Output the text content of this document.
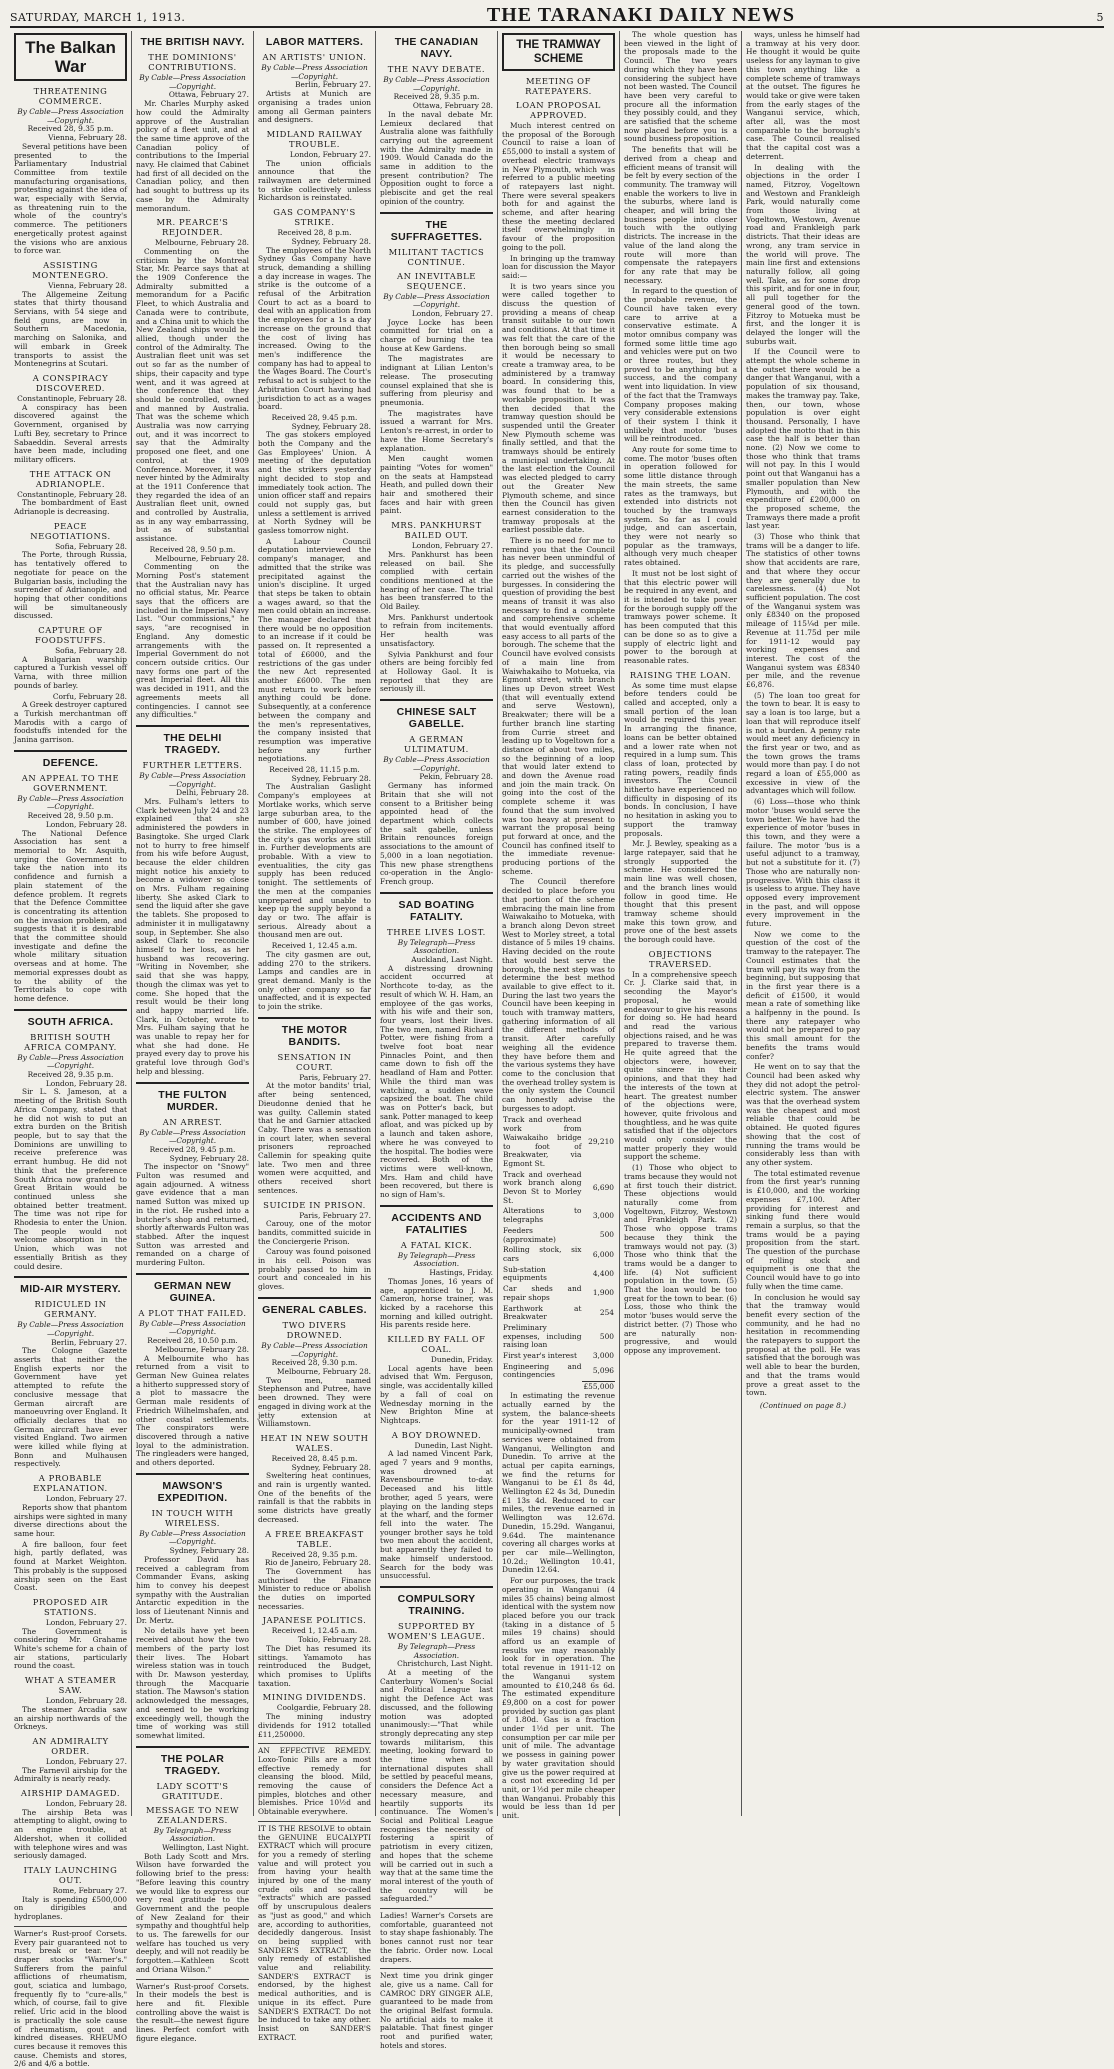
SATURDAY, MARCH 1, 1913.	THE TARANAKI DAILY NEWS	5
The Balkan War
THREATENING COMMERCE.
By Cable—Press Association—Copyright.
Received 28, 9.35 p.m.
Vienna, February 28.

Several petitions have been presented to the Parliamentary Industrial Committee from textile manufacturing organisations, protesting against the idea of war, especially with Servia, as threatening ruin to the whole of the country's commerce. The petitioners energetically protest against the visions who are anxious to force war.

ASSISTING MONTENEGRO.
Vienna, February 28.

The Allgemeine Zeitung states that thirty thousand Servians, with 54 siege and field guns, are now in Southern Macedonia, marching on Salonika, and will embark in Greek transports to assist the Montenegrins at Scutari.

A CONSPIRACY DISCOVERED.
Constantinople, February 28.

A conspiracy has been discovered against the Government, organised by Lufti Bey, secretary to Prince Sabaeddin. Several arrests have been made, including military officers.

THE ATTACK ON ADRIANOPLE.
Constantinople, February 28.

The bombardment of East Adrianople is decreasing.

PEACE NEGOTIATIONS.
Sofia, February 28.

The Porte, through Russia, has tentatively offered to negotiate for peace on the Bulgarian basis, including the surrender of Adrianople, and hoping that other conditions will be simultaneously discussed.

CAPTURE OF FOODSTUFFS.
Sofia, February 28.

A Bulgarian warship captured a Turkish vessel off Varna, with three million pounds of barley.

Corfu, February 28.

A Greek destroyer captured a Turkish merchantman off Marodis with a cargo of foodstuffs intended for the Janina garrison.

DEFENCE.
AN APPEAL TO THE GOVERNMENT.
By Cable—Press Association—Copyright.
Received 28, 9.50 p.m.
London, February 28.

The National Defence Association has sent a memorial to Mr. Asquith, urging the Government to take the nation into its confidence and furnish a plain statement of the defence problem. It regrets that the Defence Committee is concentrating its attention on the invasion problem, and suggests that it is desirable that the committee should investigate and define the whole military situation overseas and at home. The memorial expresses doubt as to the ability of the Territorials to cope with home defence.

SOUTH AFRICA.
BRITISH SOUTH AFRICA COMPANY.
By Cable—Press Association—Copyright.
Received 28, 9.35 p.m.
London, February 28.

Sir L. S. Jameson, at a meeting of the British South Africa Company, stated that he did not wish to put an extra burden on the British people, but to say that the Dominions are unwilling to receive preference was errant humbug. He did not think that the preference South Africa now granted to Great Britain would be continued unless she obtained better treatment. The time was not ripe for Rhodesia to enter the Union. The people would not welcome absorption in the Union, which was not essentially British as they could desire.

MID-AIR MYSTERY.
RIDICULED IN GERMANY.
By Cable—Press Association—Copyright.
Berlin, February 27.

The Cologne Gazette asserts that neither the English experts nor the Government have yet attempted to refute the conclusive message that German aircraft are manoeuvring over England. It officially declares that no German aircraft have ever visited England. Two airmen were killed while flying at Bonn and Mulhausen respectively.

A PROBABLE EXPLANATION.
London, February 27.

Reports show that phantom airships were sighted in many diverse directions about the same hour.

A fire balloon, four feet high, partly deflated, was found at Market Weighton. This probably is the supposed airship seen on the East Coast.

PROPOSED AIR STATIONS.
London, February 27.

The Government is considering Mr. Grahame White's scheme for a chain of air stations, particularly round the coast.

WHAT A STEAMER SAW.
London, February 28.

The steamer Arcadia saw an airship northwards of the Orkneys.

AN ADMIRALTY ORDER.
London, February 27.

The Farnevil airship for the Admiralty is nearly ready.

AIRSHIP DAMAGED.
London, February 28.

The airship Beta was attempting to alight, owing to an engine trouble, at Aldershot, when it collided with telephone wires and was seriously damaged.

ITALY LAUNCHING OUT.
Rome, February 27.

Italy is spending £500,000 on dirigibles and hydroplanes.

Warner's Rust-proof Corsets. Every pair guaranteed not to rust, break or tear. Your draper stocks "Warner's." Sufferers from the painful afflictions of rheumatism, gout, sciatica and lumbago, frequently fly to "cure-alls," which, of course, fail to give relief. Uric acid in the blood is practically the sole cause of rheumatism, gout and kindred diseases. RHEUMO cures because it removes this cause. Chemists and stores, 2/6 and 4/6 a bottle.
THE BRITISH NAVY.
THE DOMINIONS' CONTRIBUTIONS.
By Cable—Press Association—Copyright.
Ottawa, February 27.

Mr. Charles Murphy asked how could the Admiralty approve of the Australian policy of a fleet unit, and at the same time approve of the Canadian policy of contributions to the Imperial navy. He claimed that Cabinet had first of all decided on the Canadian policy, and then had sought to buttress up its case by the Admiralty memorandum.

MR. PEARCE'S REJOINDER.
Melbourne, February 28.

Commenting on the criticism by the Montreal Star, Mr. Pearce says that at the 1909 Conference the Admiralty submitted a memorandum for a Pacific Fleet, to which Australia and Canada were to contribute, and a China unit to which the New Zealand ships would be allied, though under the control of the Admiralty. The Australian fleet unit was set out so far as the number of ships, their capacity and type went, and it was agreed at the conference that they should be controlled, owned and manned by Australia. That was the scheme which Australia was now carrying out, and it was incorrect to say that the Admiralty proposed one fleet, and one control, at the 1909 Conference. Moreover, it was never hinted by the Admiralty at the 1911 Conference that they regarded the idea of an Australian fleet unit, owned and controlled by Australia, as in any way embarrassing, but as of substantial assistance.

Received 28, 9.50 p.m.
Melbourne, February 28.

Commenting on the Morning Post's statement that the Australian navy has no official status, Mr. Pearce says that the officers are included in the Imperial Navy List. "Our commissions," he says, "are recognised in England. Any domestic arrangements with the Imperial Government do not concern outside critics. Our navy forms one part of the great Imperial fleet. All this was decided in 1911, and the agreements meets all contingencies. I cannot see any difficulties."

THE DELHI TRAGEDY.
FURTHER LETTERS.
By Cable—Press Association—Copyright.
Delhi, February 28.

Mrs. Fulham's letters to Clark between July 24 and 23 explained that she administered the powders in Basingtoke. She urged Clark not to hurry to free himself from his wife before August, because the elder children might notice his anxiety to become a widower so close on Mrs. Fulham regaining liberty. She asked Clark to send the liquid after she gave the tablets. She proposed to administer it in mulligatawny soup, in September. She also asked Clark to reconcile himself to her loss, as her husband was recovering. "Writing in November, she said that she was happy, though the climax was yet to come. She hoped that the result would be their long and happy married life. Clark, in October, wrote to Mrs. Fulham saying that he was unable to repay her for what she had done. He prayed every day to prove his grateful love through God's help and blessing.

THE FULTON MURDER.
AN ARREST.
By Cable—Press Association—Copyright.
Received 28, 9.45 p.m.
Sydney, February 28.

The inspector on "Snowy" Fulton was resumed and again adjourned. A witness gave evidence that a man named Sutton was mixed up in the riot. He rushed into a butcher's shop and returned, shortly afterwards Fulton was stabbed. After the inquest Sutton was arrested and remanded on a charge of murdering Fulton.

GERMAN NEW GUINEA.
A PLOT THAT FAILED.
By Cable—Press Association—Copyright.
Received 28, 10.50 p.m.
Melbourne, February 28.

A Melbournite who has returned from a visit to German New Guinea relates a hitherto suppressed story of a plot to massacre the German male residents of Friedrich Wilhelmshafen, and other coastal settlements. The conspirators were discovered through a native loyal to the administration. The ringleaders were hanged, and others deported.

MAWSON'S EXPEDITION.
IN TOUCH WITH WIRELESS.
By Cable—Press Association—Copyright.
Sydney, February 28.

Professor David has received a cablegram from Commander Evans, asking him to convey his deepest sympathy with the Australian Antarctic expedition in the loss of Lieutenant Ninnis and Dr. Mertz.

No details have yet been received about how the two members of the party lost their lives. The Hobart wireless station was in touch with Dr. Mawson yesterday, through the Macquarie station. The Mawson's station acknowledged the messages, and seemed to be working exceedingly well, though the time of working was still somewhat limited.

THE POLAR TRAGEDY.
LADY SCOTT'S GRATITUDE.
MESSAGE TO NEW ZEALANDERS.
By Telegraph—Press Association.
Wellington, Last Night.

Both Lady Scott and Mrs. Wilson have forwarded the following brief to the press: "Before leaving this country we would like to express our very real gratitude to the Government and the people of New Zealand for their sympathy and thoughtful help to us. The farewells for our welfare has touched us very deeply, and will not readily be forgotten.—Kathleen Scott and Oriana Wilson."

Warner's Rust-proof Corsets. In their models the best is here and fit. Flexible controlling above the waist is the result—the newest figure lines. Perfect comfort with figure elegance.
LABOR MATTERS.
AN ARTISTS' UNION.
By Cable—Press Association—Copyright.
Berlin, February 27.

Artists at Munich are organising a trades union among all German painters and designers.

MIDLAND RAILWAY TROUBLE.
London, February 27.

The union officials announce that the railwaymen are determined to strike collectively unless Richardson is reinstated.

GAS COMPANY'S STRIKE.
Received 28, 8 p.m.
Sydney, February 28.

The employees of the North Sydney Gas Company have struck, demanding a shilling a day increase in wages. The strike is the outcome of a refusal of the Arbitration Court to act as a board to deal with an application from the employees for a 1s a day increase on the ground that the cost of living has increased. Owing to the men's indifference the company has had to appeal to the Wages Board. The Court's refusal to act is subject to the Arbitration Court having had jurisdiction to act as a wages board.

Received 28, 9.45 p.m.
Sydney, February 28.

The gas stokers employed both the Company and the Gas Employees' Union. A meeting of the deputation and the strikers yesterday night decided to stop and immediately took action. The union officer staff and repairs could not supply gas, but unless a settlement is arrived at North Sydney will be gasless tomorrow night.

A Labour Council deputation interviewed the company's manager, and admitted that the strike was precipitated against the union's discipline. It urged that steps be taken to obtain a wages award, so that the men could obtain an increase. The manager declared that there would be no opposition to an increase if it could be passed on. It represented a total of £6000, and the restrictions of the gas under the new Act represented another £6000. The men must return to work before anything could be done. Subsequently, at a conference between the company and the men's representatives, the company insisted that resumption was imperative before any further negotiations.

Received 28, 11.15 p.m.
Sydney, February 28.

The Australian Gaslight Company's employees at Mortlake works, which serve large suburban area, to the number of 600, have joined the strike. The employees of the city's gas works are still in. Further developments are probable. With a view to eventualities, the city gas supply has been reduced tonight. The settlements of the men at the companies unprepared and unable to keep up the supply beyond a day or two. The affair is serious. Already about a thousand men are out.

Received 1, 12.45 a.m.

The city gasmen are out, adding 270 to the strikers. Lamps and candles are in great demand. Manly is the only other company so far unaffected, and it is expected to join the strike.

THE MOTOR BANDITS.
SENSATION IN COURT.
Paris, February 27.

At the motor bandits' trial, after being sentenced, Dieudonne denied that he was guilty. Callemin stated that he and Garnier attacked Caby. There was a sensation in court later, when several prisoners reproached Callemin for speaking quite late. Two men and three women were acquitted, and others received short sentences.

SUICIDE IN PRISON.
Paris, February 27.

Carouy, one of the motor bandits, committed suicide in the Conciergerie Prison.

Carouy was found poisoned in his cell. Poison was probably passed to him in court and concealed in his gloves.

GENERAL CABLES.
TWO DIVERS DROWNED.
By Cable—Press Association—Copyright.
Received 28, 9.30 p.m.
Melbourne, February 28.

Two men, named Stephenson and Putree, have been drowned. They were engaged in diving work at the jetty extension at Williamstown.

HEAT IN NEW SOUTH WALES.
Received 28, 8.45 p.m.
Sydney, February 28.

Sweltering heat continues, and rain is urgently wanted. One of the benefits of the rainfall is that the rabbits in some districts have greatly decreased.

A FREE BREAKFAST TABLE.
Received 28, 9.35 p.m.
Rio de Janeiro, February 28.

The Government has authorised the Finance Minister to reduce or abolish the duties on imported necessaries.

JAPANESE POLITICS.
Received 1, 12.45 a.m.
Tokio, February 28.

The Diet has resumed its sittings. Yamamoto has reintroduced the Budget, which promises to Uplifts taxation.

MINING DIVIDENDS.
Coolgardie, February 28.

The mining industry dividends for 1912 totalled £11,250000.

AN EFFECTIVE REMEDY. Loxo-Tonic Pills are a most effective remedy for cleansing the blood. Mild, removing the cause of pimples, blotches and other blemishes. Price 10½d and Obtainable everywhere.
IT IS THE RESOLVE to obtain the GENUINE EUCALYPTI EXTRACT which will procure for you a remedy of sterling value and will protect you from having your health injured by one of the many crude oils and so-called "extracts" which are passed off by unscrupulous dealers as "just as good," and which are, according to authorities, decidedly dangerous. Insist on being supplied with SANDER'S EXTRACT, the only remedy of established value and reliability. SANDER'S EXTRACT is endorsed, by the highest medical authorities, and is unique in its effect. Pure SANDER'S EXTRACT. Do not be induced to take any other. Insist on SANDER'S EXTRACT.
THE CANADIAN NAVY.
THE NAVY DEBATE.
By Cable—Press Association—Copyright.
Received 28, 9.35 p.m.
Ottawa, February 28.

In the naval debate Mr. Lemieux declared that Australia alone was faithfully carrying out the agreement with the Admiralty made in 1909. Would Canada do the same in addition to the present contribution? The Opposition ought to force a plebiscite and get the real opinion of the country.

THE SUFFRAGETTES.
MILITANT TACTICS CONTINUE.
AN INEVITABLE SEQUENCE.
By Cable—Press Association—Copyright.
London, February 27.

Joyce Locke has been committed for trial on a charge of burning the tea house at Kew Gardens.

The magistrates are indignant at Lilian Lenton's release. The prosecuting counsel explained that she is suffering from pleurisy and pneumonia.

The magistrates have issued a warrant for Mrs. Lenton's re-arrest, in order to have the Home Secretary's explanation.

Men caught women painting "Votes for women" on the seats at Hampstead Heath, and pulled down their hair and smothered their faces and hair with green paint.

MRS. PANKHURST BAILED OUT.
London, February 27.

Mrs. Pankhurst has been released on bail. She complied with certain conditions mentioned at the hearing of her case. The trial has been transferred to the Old Bailey.

Mrs. Pankhurst undertook to refrain from incitements. Her health was unsatisfactory.

Sylvia Pankhurst and four others are being forcibly fed at Holloway Gaol. It is reported that they are seriously ill.

CHINESE SALT GABELLE.
A GERMAN ULTIMATUM.
By Cable—Press Association—Copyright.
Pekin, February 28.

Germany has informed Britain that she will not consent to a Britisher being appointed head of the department which collects the salt gabelle, unless Britain renounces foreign associations to the amount of 5,000 in a loan negotiation. This new phase strengthens co-operation in the Anglo-French group.

SAD BOATING FATALITY.
THREE LIVES LOST.
By Telegraph—Press Association.
Auckland, Last Night.

A distressing drowning accident occurred at Northcote to-day, as the result of which W. H. Ham, an employee of the gas works, with his wife and their son, four years, lost their lives. The two men, named Richard Potter, were fishing from a twelve foot boat near Pinnacles Point, and then came down to fish off the headland of Ham and Potter. While the third man was watching, a sudden wave capsized the boat. The child was on Potter's back, but sank. Potter managed to keep afloat, and was picked up by a launch and taken ashore, where he was conveyed to the hospital. The bodies were recovered. Both of the victims were well-known, Mrs. Ham and child have been recovered, but there is no sign of Ham's.

ACCIDENTS AND FATALITIES
A FATAL KICK.
By Telegraph—Press Association.
Hastings, Friday.

Thomas Jones, 16 years of age, apprenticed to J. M. Cameron, horse trainer, was kicked by a racehorse this morning and killed outright. His parents reside here.

KILLED BY FALL OF COAL.
Dunedin, Friday.

Local agents have been advised that Wm. Ferguson, single, was accidentally killed by a fall of coal on Wednesday morning in the New Brighton Mine at Nightcaps.

A BOY DROWNED.
Dunedin, Last Night.

A lad named Vincent Park, aged 7 years and 9 months, was drowned at Ravensbourne to-day. Deceased and his little brother, aged 5 years, were playing on the landing steps at the wharf, and the former fell into the water. The younger brother says he told two men about the accident, but apparently they failed to make himself understood. Search for the body was unsuccessful.

COMPULSORY TRAINING.
SUPPORTED BY WOMEN'S LEAGUE.
By Telegraph—Press Association.
Christchurch, Last Night.

At a meeting of the Canterbury Women's Social and Political League last night the Defence Act was discussed, and the following motion was adopted unanimously:—"That while strongly deprecating any step towards militarism, this meeting, looking forward to the time when all international disputes shall be settled by peaceful means, considers the Defence Act a necessary measure, and heartily supports its continuance. The Women's Social and Political League recognises the necessity of fostering a spirit of patriotism in every citizen, and hopes that the scheme will be carried out in such a way that at the same time the moral interest of the youth of the country will be safeguarded."

Ladies! Warner's Corsets are comfortable, guaranteed not to stay shape fashionably. The bones cannot rust nor tear the fabric. Order now. Local drapers.
Next time you drink ginger ale, give us a name. Call for CAMROC DRY GINGER ALE, guaranteed to be made from the original Belfast formula. No artificial aids to make it palatable. That finest ginger root and purified water, hotels and stores.
THE TRAMWAY SCHEME
MEETING OF RATEPAYERS.
LOAN PROPOSAL APPROVED.

Much interest centred on the proposal of the Borough Council to raise a loan of £55,000 to install a system of overhead electric tramways in New Plymouth, which was referred to a public meeting of ratepayers last night. There were several speakers both for and against the scheme, and after hearing these the meeting declared itself overwhelmingly in favour of the proposition going to the poll.

In bringing up the tramway loan for discussion the Mayor said:—

It is two years since you were called together to discuss the question of providing a means of cheap transit suitable to our town and conditions. At that time it was felt that the care of the then borough being so small it would be necessary to create a tramway area, to be administered by a tramway board. In considering this, was found that to be a workable proposition. It was then decided that the tramway question should be suspended until the Greater New Plymouth scheme was finally settled, and that the tramways should be entirely a municipal undertaking. At the last election the Council was elected pledged to carry out the Greater New Plymouth scheme, and since then the Council has given earnest consideration to the tramway proposals at the earliest possible date.

There is no need for me to remind you that the Council has never been unmindful of its pledge, and successfully carried out the wishes of the burgesses. In considering the question of providing the best means of transit it was also necessary to find a complete and comprehensive scheme that would eventually afford easy access to all parts of the borough. The scheme that the Council have evolved consists of a main line from Waiwhakaiho to Motueka, via Egmont street, with branch lines up Devon street West (that will eventually extend and serve Westown), Breakwater; there will be a further branch line starting from Currie street and leading up to Vogeltown for a distance of about two miles, so the beginning of a loop that would later extend to and down the Avenue road and join the main track. On going into the cost of the complete scheme it was found that the sum involved was too heavy at present to warrant the proposal being put forward at once, and the Council has confined itself to the immediate revenue-producing portions of the scheme.

The Council therefore decided to place before you that portion of the scheme embracing the main line from Waiwakaiho to Motueka, with a branch along Devon street West to Morley street, a total distance of 5 miles 19 chains. Having decided on the route that would best serve the borough, the next step was to determine the best method available to give effect to it. During the last two years the Council have been keeping in touch with tramway matters, gathering information of all the different methods of transit. After carefully weighing all the evidence they have before them and the various systems they have come to the conclusion that the overhead trolley system is the only system the Council can honestly advise the burgesses to adopt.

Track and overhead work from Waiwakaiho bridge to foot of Breakwater, via Egmont St.	29,210
Track and overhead work branch along Devon St to Morley St.	6,690
Alterations to telegraphs	3,000
Feeders (approximate)	500
Rolling stock, six cars	6,000
Sub-station equipments	4,400
Car sheds and repair shops	1,900
Earthwork at Breakwater	254
Preliminary expenses, including raising loan	500
First year's interest	3,000
Engineering and contingencies	5,096
	£55,000

In estimating the revenue actually earned by the system, the balance-sheets for the year 1911-12 of municipally-owned tram services were obtained from Wanganui, Wellington and Dunedin. To arrive at the actual per capita earnings, we find the returns for Wanganui to be £1 8s 4d, Wellington £2 4s 3d, Dunedin £1 13s 4d. Reduced to car miles, the revenue earned in Wellington was 12.67d. Dunedin, 15.29d. Wanganui, 9.64d. The maintenance covering all charges works at per car mile—Wellington, 10.2d.; Wellington 10.41, Dunedin 12.64.

For our purposes, the track operating in Wanganui (4 miles 35 chains) being almost identical with the system now placed before you our track (taking in a distance of 5 miles 19 chains) should afford us an example of results we may reasonably look for in operation. The total revenue in 1911-12 on the Wanganui system amounted to £10,248 6s 6d. The estimated expenditure £9,800 on a cost for power provided by suction gas plant of 1.80d. Gas is a fraction under 1½d per unit. The consumption per car mile per unit of mile. The advantage we possess in gaining power by water gravitation should give us the power required at a cost not exceeding 1d per unit, or 1½d per mile cheaper than Wanganui. Probably this would be less than 1d per unit.

The whole question has been viewed in the light of the proposals made to the Council. The two years during which they have been considering the subject have not been wasted. The Council have been very careful to procure all the information they possibly could, and they are satisfied that the scheme now placed before you is a sound business proposition.

The benefits that will be derived from a cheap and efficient means of transit will be felt by every section of the community. The tramway will enable the workers to live in the suburbs, where land is cheaper, and will bring the business people into closer touch with the outlying districts. The increase in the value of the land along the route will more than compensate the ratepayers for any rate that may be necessary.

In regard to the question of the probable revenue, the Council have taken every care to arrive at a conservative estimate. A motor omnibus company was formed some little time ago and vehicles were put on two or three routes, but they proved to be anything but a success, and the company went into liquidation. In view of the fact that the Tramways Company proposes making very considerable extensions of their system I think it unlikely that motor 'buses will be reintroduced.

Any route for some time to come. The motor 'buses often in operation followed for some little distance through the main streets, the same rates as the tramways, but extended into districts not touched by the tramways system. So far as I could judge, and can ascertain, they were not nearly so popular as the tramways, although very much cheaper rates obtained.

It must not be lost sight of that this electric power will be required in any event, and it is intended to take power for the borough supply off the tramways power scheme. It has been computed that this can be done so as to give a supply of electric light and power to the borough at reasonable rates.

RAISING THE LOAN.

As some time must elapse before tenders could be called and accepted, only a small portion of the loan would be required this year. In arranging the finance, loans can be better obtained and a lower rate when not required in a lump sum. This class of loan, protected by rating powers, readily finds investors. The Council hitherto have experienced no difficulty in disposing of its bonds. In conclusion, I have no hesitation in asking you to support the tramway proposals.

Mr. J. Bewley, speaking as a large ratepayer, said that he strongly supported the scheme. He considered the main line was well chosen, and the branch lines would follow in good time. He thought that this present tramway scheme should make this town grow, and prove one of the best assets the borough could have.

OBJECTIONS TRAVERSED.

In a comprehensive speech Cr. J. Clarke said that, in seconding the Mayor's proposal, he would endeavour to give his reasons for doing so. He had heard and read the various objections raised, and he was prepared to traverse them. He quite agreed that the objectors were, however, quite sincere in their opinions, and that they had the interests of the town at heart. The greatest number of the objections were, however, quite frivolous and thoughtless, and he was quite satisfied that if the objectors would only consider the matter properly they would support the scheme.

(1) Those who object to trams because they would not at first touch their district. These objections would naturally come from Vogeltown, Fitzroy, Westown and Frankleigh Park. (2) Those who oppose trams because they think the tramways would not pay. (3) Those who think that the trams would be a danger to life. (4) Not sufficient population in the town. (5) That the loan would be too great for the town to bear. (6) Loss, those who think the motor 'buses would serve the district better. (7) Those who are naturally non-progressive, and would oppose any improvement.

ways, unless he himself had a tramway at his very door. He thought it would be quite useless for any layman to give this town anything like a complete scheme of tramways at the outset. The figures he would take or give were taken from the early stages of the Wanganui service, which, after all, was the most comparable to the borough's case. The Council realised that the capital cost was a deterrent.

In dealing with the objections in the order I named, Fitzroy, Vogeltown and Westown and Frankleigh Park, would naturally come from those living at Vogeltown, Westown, Avenue road and Frankleigh park districts. That their ideas are wrong, any tram service in the world will prove. The main line first and extensions naturally follow, all going well. Take, as for some drop this spirit, and for one in four, all pull together for the general good of the town. Fitzroy to Motueka must be first, and the longer it is delayed the longer will the suburbs wait.

If the Council were to attempt the whole scheme in the outset there would be a danger that Wanganui, with a population of six thousand, makes the tramway pay. Take, then, our town, whose population is over eight thousand. Personally, I have adopted the motto that in this case the half is better than none. (2) Now we come to those who think that trams will not pay. In this I would point out that Wanganui has a smaller population than New Plymouth, and with the expenditure of £200,000 on the proposed scheme, the Tramways there made a profit last year.

(3) Those who think that trams will be a danger to life. The statistics of other towns show that accidents are rare, and that where they occur they are generally due to carelessness. (4) Not sufficient population. The cost of the Wanganui system was only £8340 on the proposed mileage of 115¼d per mile. Revenue at 11.75d per mile for 1911-12 would pay working expenses and interest. The cost of the Wanganui system was £8340 per mile, and the revenue £6,876.

(5) The loan too great for the town to bear. It is easy to say a loan is too large, but a loan that will reproduce itself is not a burden. A penny rate would meet any deficiency in the first year or two, and as the town grows the trams would more than pay. I do not regard a loan of £55,000 as excessive in view of the advantages which will follow.

(6) Loss—those who think motor 'buses would serve the town better. We have had the experience of motor 'buses in this town, and they were a failure. The motor 'bus is a useful adjunct to a tramway, but not a substitute for it. (7) Those who are naturally non-progressive. With this class it is useless to argue. They have opposed every improvement in the past, and will oppose every improvement in the future.

Now we come to the question of the cost of the tramway to the ratepayer. The Council estimates that the tram will pay its way from the beginning, but supposing that in the first year there is a deficit of £1500, it would mean a rate of something like a halfpenny in the pound. Is there any ratepayer who would not be prepared to pay this small amount for the benefits the trams would confer?

He went on to say that the Council had been asked why they did not adopt the petrol-electric system. The answer was that the overhead system was the cheapest and most reliable that could be obtained. He quoted figures showing that the cost of running the trams would be considerably less than with any other system.

The total estimated revenue from the first year's running is £10,000, and the working expenses £7,100. After providing for interest and sinking fund there would remain a surplus, so that the trams would be a paying proposition from the start. The question of the purchase of rolling stock and equipment is one that the Council would have to go into fully when the time came.

In conclusion he would say that the tramway would benefit every section of the community, and he had no hesitation in recommending the ratepayers to support the proposal at the poll. He was satisfied that the borough was well able to bear the burden, and that the trams would prove a great asset to the town.

(Continued on page 8.)
